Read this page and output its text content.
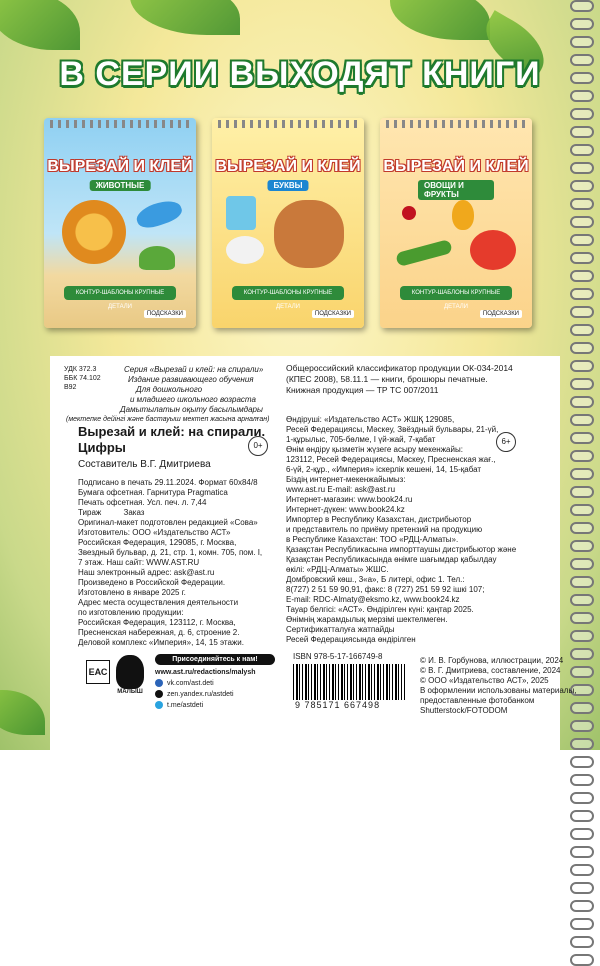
В СЕРИИ ВЫХОДЯТ КНИГИ
ВЫРЕЗАЙ И КЛЕЙ
ЖИВОТНЫЕ
КОНТУР-ШАБЛОНЫ КРУПНЫЕ ДЕТАЛИ
ПОДСКАЗКИ
ВЫРЕЗАЙ И КЛЕЙ
БУКВЫ
КОНТУР-ШАБЛОНЫ КРУПНЫЕ ДЕТАЛИ
ПОДСКАЗКИ
ВЫРЕЗАЙ И КЛЕЙ
ОВОЩИ И ФРУКТЫ
КОНТУР-ШАБЛОНЫ КРУПНЫЕ ДЕТАЛИ
ПОДСКАЗКИ
УДК 372.3
ББК 74.102
В92
Серия «Вырезай и клей: на спирали»
Издание развивающего обучения
Для дошкольного
и младшего школьного возраста
Дамытылатын оқыту басылымдары
(мектепке дейінгі және бастауыш мектеп жасына арналған)
Вырезай и клей: на спирали.
Цифры	0+
Составитель В.Г. Дмитриева
Подписано в печать 29.11.2024. Формат 60х84/8
Бумага офсетная. Гарнитура Pragmatica
Печать офсетная. Усл. печ. л. 7,44
Тираж          Заказ
Оригинал-макет подготовлен редакцией «Сова»
Изготовитель: ООО «Издательство АСТ»
Российская Федерация, 129085, г. Москва,
Звездный бульвар, д. 21, стр. 1, комн. 705, пом. I,
7 этаж. Наш сайт: WWW.AST.RU
Наш электронный адрес: ask@ast.ru
Произведено в Российской Федерации.
Изготовлено в январе 2025 г.
Адрес места осуществления деятельности
по изготовлению продукции:
Российская Федерация, 123112, г. Москва,
Пресненская набережная, д. 6, строение 2.
Деловой комплекс «Империя», 14, 15 этажи.
ЕАС
МАЛЫШ
Присоединяйтесь к нам!
www.ast.ru/redactions/malysh
vk.com/ast.deti
zen.yandex.ru/astdeti
t.me/astdeti
Общероссийский классификатор продукции ОК-034-2014
(КПЕС 2008), 58.11.1 — книги, брошюры печатные.
Книжная продукция — ТР ТС 007/2011
6+
Өндіруші: «Издательство АСТ» ЖШҚ 129085,
Ресей Федерациясы, Мәскеу, Звёздный бульвары, 21-үй,
1-құрылыс, 705-бөлме, I үй-жай, 7-қабат
Өнім өндіру қызметін жүзеге асыру мекенжайы:
123112, Ресей Федерациясы, Мәскеу, Пресненская жағ.,
6-үй, 2-құр., «Империя» іскерлік кешені, 14, 15-қабат
Біздің интернет-мекенжайымыз:
www.ast.ru E-mail: ask@ast.ru
Интернет-магазин: www.book24.ru
Интернет-дүкен: www.book24.kz
Импортер в Республику Казахстан, дистрибьютор
и представитель по приёму претензий на продукцию
в Республике Казахстан: ТОО «РДЦ-Алматы».
Қазақстан Республикасына импорттаушы дистрибьютор және
Қазақстан Республикасында өнімге шағымдар қабылдау
өкілі: «РДЦ-Алматы» ЖШС.
Домбровский көш., 3«а», Б литері, офис 1. Тел.:
8(727) 2 51 59 90,91, факс: 8 (727) 251 59 92 ішкі 107;
E-mail: RDC-Almaty@eksmo.kz, www.book24.kz
Тауар белгісі: «АСТ». Өндірілген күні: қаңтар 2025.
Өнімнің жарамдылық мерзімі шектелмеген.
Сертификатталуға жатпайды
Ресей Федерациясында өндірілген
ISBN 978-5-17-166749-8
9 785171 667498
© И. В. Горбунова, иллюстрации, 2024
© В. Г. Дмитриева, составление, 2024
© ООО «Издательство АСТ», 2025
В оформлении использованы материалы,
предоставленные фотобанком
Shutterstock/FOTODOM
